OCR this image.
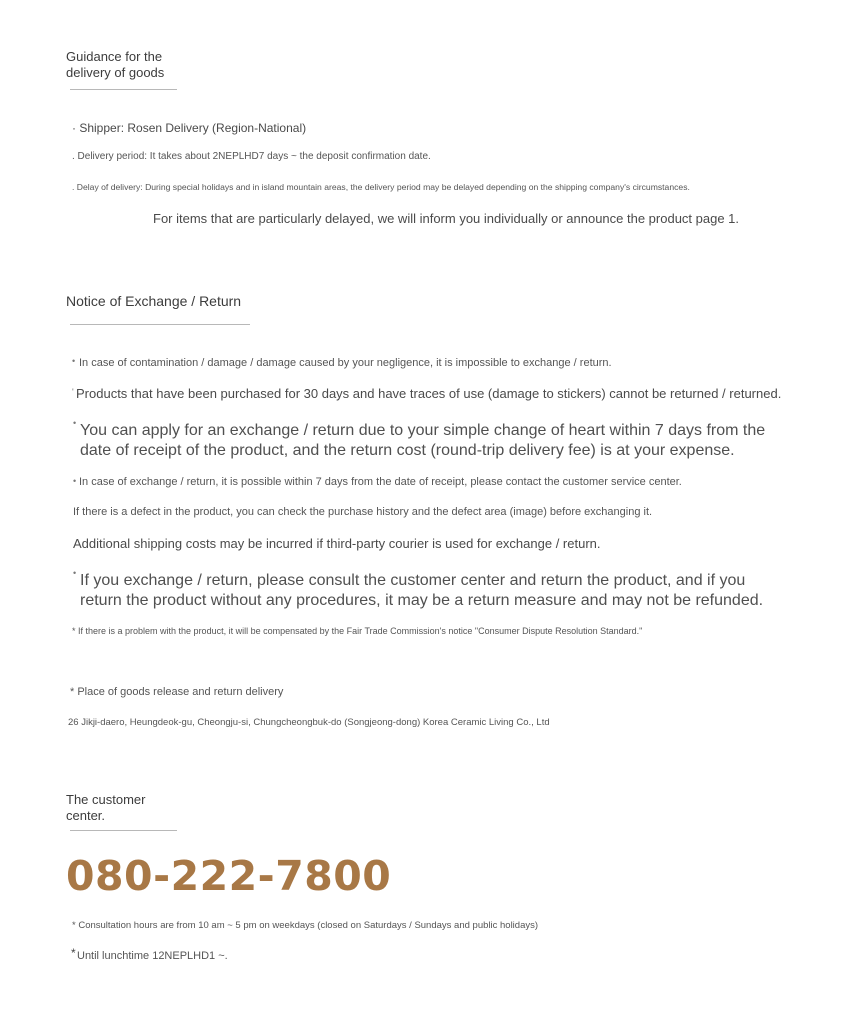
Guidance for the delivery of goods
· Shipper: Rosen Delivery (Region-National)
. Delivery period: It takes about 2NEPLHD7 days ~ the deposit confirmation date.
. Delay of delivery: During special holidays and in island mountain areas, the delivery period may be delayed depending on the shipping company's circumstances.
For items that are particularly delayed, we will inform you individually or announce the product page 1.
Notice of Exchange / Return
• In case of contamination / damage / damage caused by your negligence, it is impossible to exchange / return.
' Products that have been purchased for 30 days and have traces of use (damage to stickers) cannot be returned / returned.
• You can apply for an exchange / return due to your simple change of heart within 7 days from the date of receipt of the product, and the return cost (round-trip delivery fee) is at your expense.
• In case of exchange / return, it is possible within 7 days from the date of receipt, please contact the customer service center.
If there is a defect in the product, you can check the purchase history and the defect area (image) before exchanging it.
Additional shipping costs may be incurred if third-party courier is used for exchange / return.
• If you exchange / return, please consult the customer center and return the product, and if you return the product without any procedures, it may be a return measure and may not be refunded.
* If there is a problem with the product, it will be compensated by the Fair Trade Commission's notice "Consumer Dispute Resolution Standard."
* Place of goods release and return delivery
26 Jikji-daero, Heungdeok-gu, Cheongju-si, Chungcheongbuk-do (Songjeong-dong) Korea Ceramic Living Co., Ltd
The customer center.
080-222-7800
* Consultation hours are from 10 am ~ 5 pm on weekdays (closed on Saturdays / Sundays and public holidays)
* Until lunchtime 12NEPLHD1 ~.
